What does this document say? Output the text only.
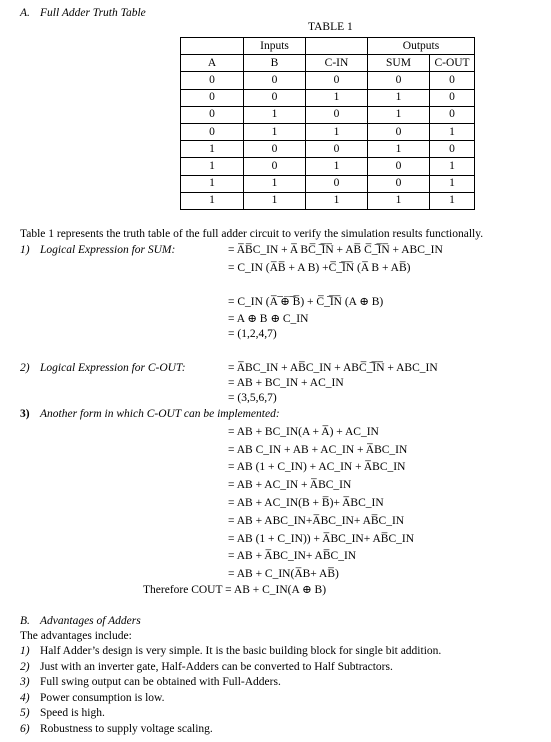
A. Full Adder Truth Table
TABLE 1
	Inputs		Outputs	
A	B	C-IN	SUM	C-OUT
0	0	0	0	0
0	0	1	1	0
0	1	0	1	0
0	1	1	0	1
1	0	0	1	0
1	0	1	0	1
1	1	0	0	1
1	1	1	1	1
Table 1 represents the truth table of the full adder circuit to verify the simulation results functionally.
1) Logical Expression for SUM:	= A̅B̅C_IN + A̅ BC̅_̅I̅N̅ + AB̅ C̅_̅I̅N̅ + ABC_IN
= C_IN (A̅B̅ + A B) +C̅_̅I̅N̅ (A̅ B + AB̅)
= C_IN (A̅ ̅⊕̅ ̅B̅) + C̅_̅I̅N̅ (A ⊕ B)
= A ⊕ B ⊕ C_IN
= (1,2,4,7)
2) Logical Expression for C-OUT:	= A̅BC_IN + AB̅C_IN + ABC̅_̅I̅N̅ + ABC_IN
= AB + BC_IN + AC_IN
= (3,5,6,7)
3) Another form in which C-OUT can be implemented:
= AB + BC_IN(A + A̅) + AC_IN
= AB C_IN + AB + AC_IN + A̅BC_IN
= AB (1 + C_IN) + AC_IN + A̅BC_IN
= AB + AC_IN + A̅BC_IN
= AB + AC_IN(B + B̅)+ A̅BC_IN
= AB + ABC_IN+A̅BC_IN+ AB̅C_IN
= AB (1 + C_IN)) + A̅BC_IN+ AB̅C_IN
= AB + A̅BC_IN+ AB̅C_IN
= AB + C_IN(A̅B+ AB̅)
Therefore COUT = AB + C_IN(A ⊕ B)
B. Advantages of Adders
The advantages include:
1) Half Adder’s design is very simple. It is the basic building block for single bit addition.
2) Just with an inverter gate, Half-Adders can be converted to Half Subtractors.
3) Full swing output can be obtained with Full-Adders.
4) Power consumption is low.
5) Speed is high.
6) Robustness to supply voltage scaling.
